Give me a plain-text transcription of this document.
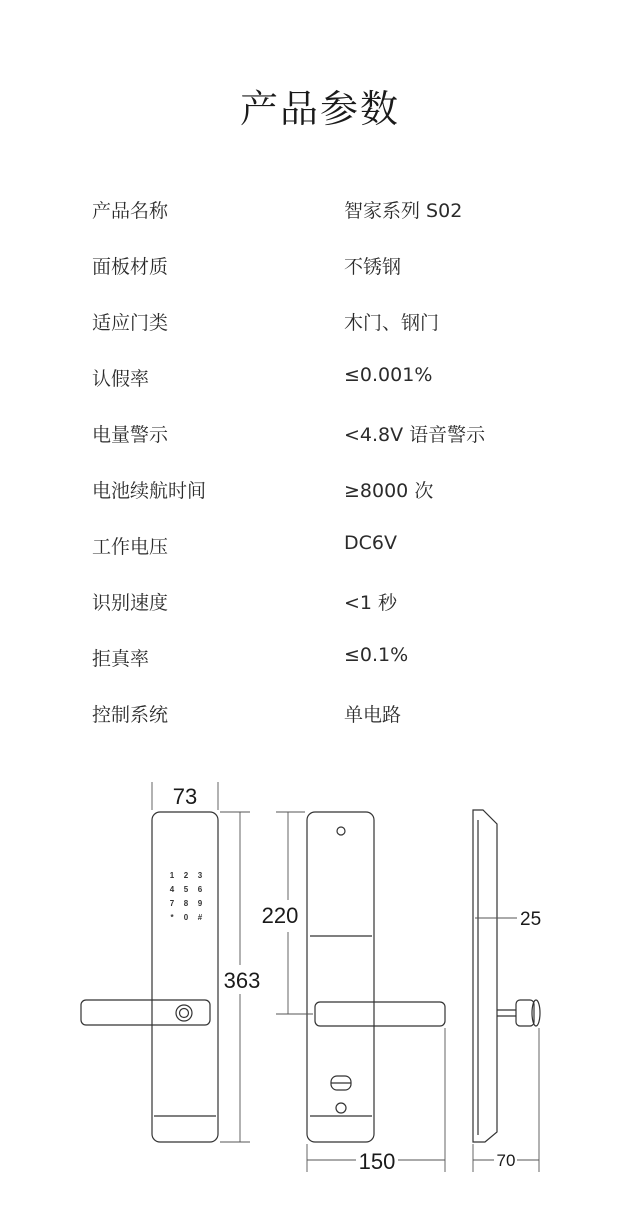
产品参数
产品名称	智家系列 S02
面板材质	不锈钢
适应门类	木门、钢门
认假率	≤0.001%
电量警示	<4.8V 语音警示
电池续航时间	≥8000 次
工作电压	DC6V
识别速度	<1 秒
拒真率	≤0.1%
控制系统	单电路
1 2 3
4 5 6
7 8 9
* 0 #
73
363
220
150
25
70
